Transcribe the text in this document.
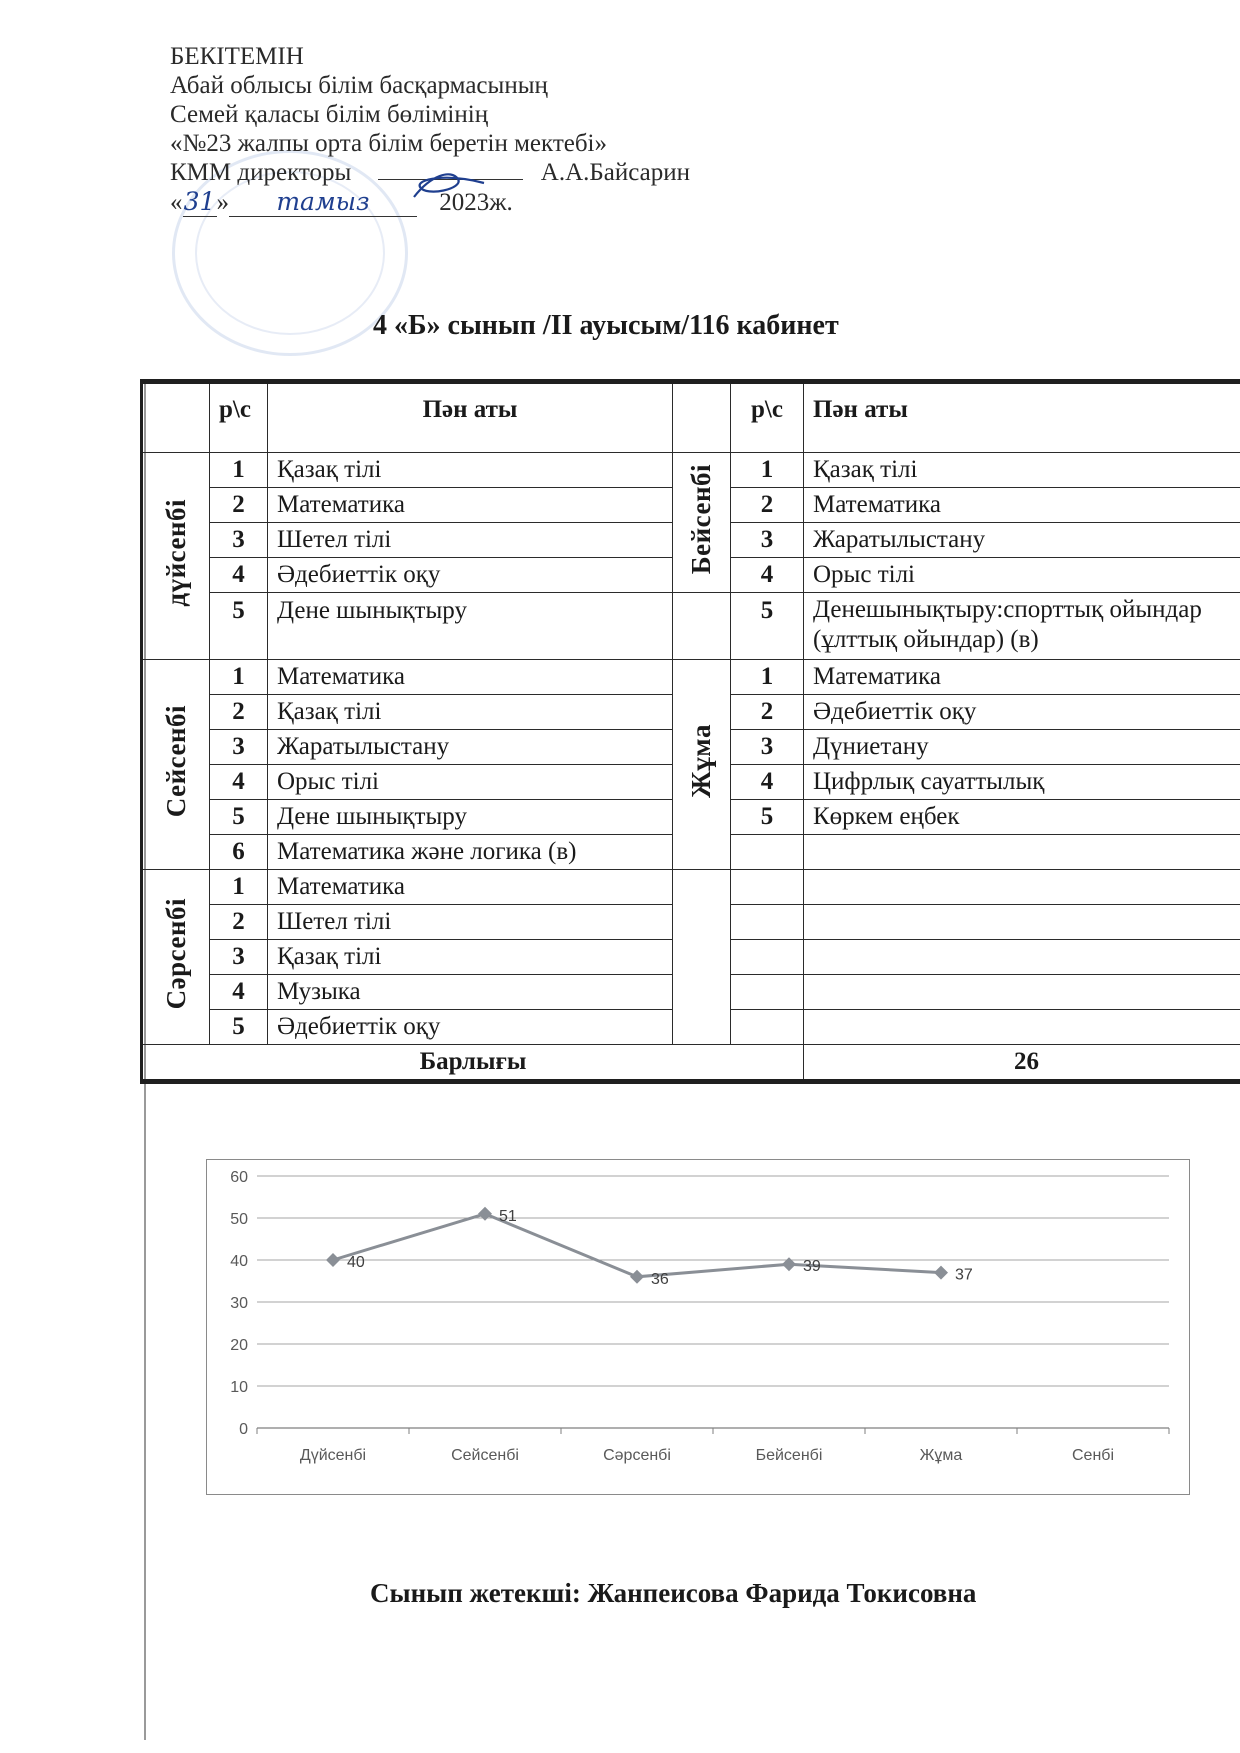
БЕКІТЕМІН
Абай облысы білім басқармасының
Семей қаласы білім бөлімінің
«№23 жалпы орта білім беретін мектебі»
КММ директоры	А.А.Байсарин
«31» тамыз	2023ж.
4 «Б» сынып /ІІ ауысым/116 кабинет
	р\с	Пән аты		р\с	Пән аты
дүйсенбі	1	Қазақ тілі	Бейсенбі	1	Қазақ тілі
	2	Математика		2	Математика
	3	Шетел тілі		3	Жаратылыстану
	4	Әдебиеттік оқу		4	Орыс тілі
	5	Дене шынықтыру		5	Денешынықтыру:спорттық ойындар (ұлттық ойындар) (в)
Сейсенбі	1	Математика	Жұма	1	Математика
	2	Қазақ тілі		2	Әдебиеттік оқу
	3	Жаратылыстану		3	Дүниетану
	4	Орыс тілі		4	Цифрлық сауаттылық
	5	Дене шынықтыру		5	Көркем еңбек
	6	Математика және логика (в)			
Сәрсенбі	1	Математика			
	2	Шетел тілі			
	3	Қазақ тілі			
	4	Музыка			
	5	Әдебиеттік оқу			
Барлығы					26
0
10
20
30
40
50
60
Дүйсенбі	Сейсенбі	Сәрсенбі	Бейсенбі	Жұма	Сенбі
40
51
36
39	37
Сынып жетекші: Жанпеисова Фарида Токисовна
